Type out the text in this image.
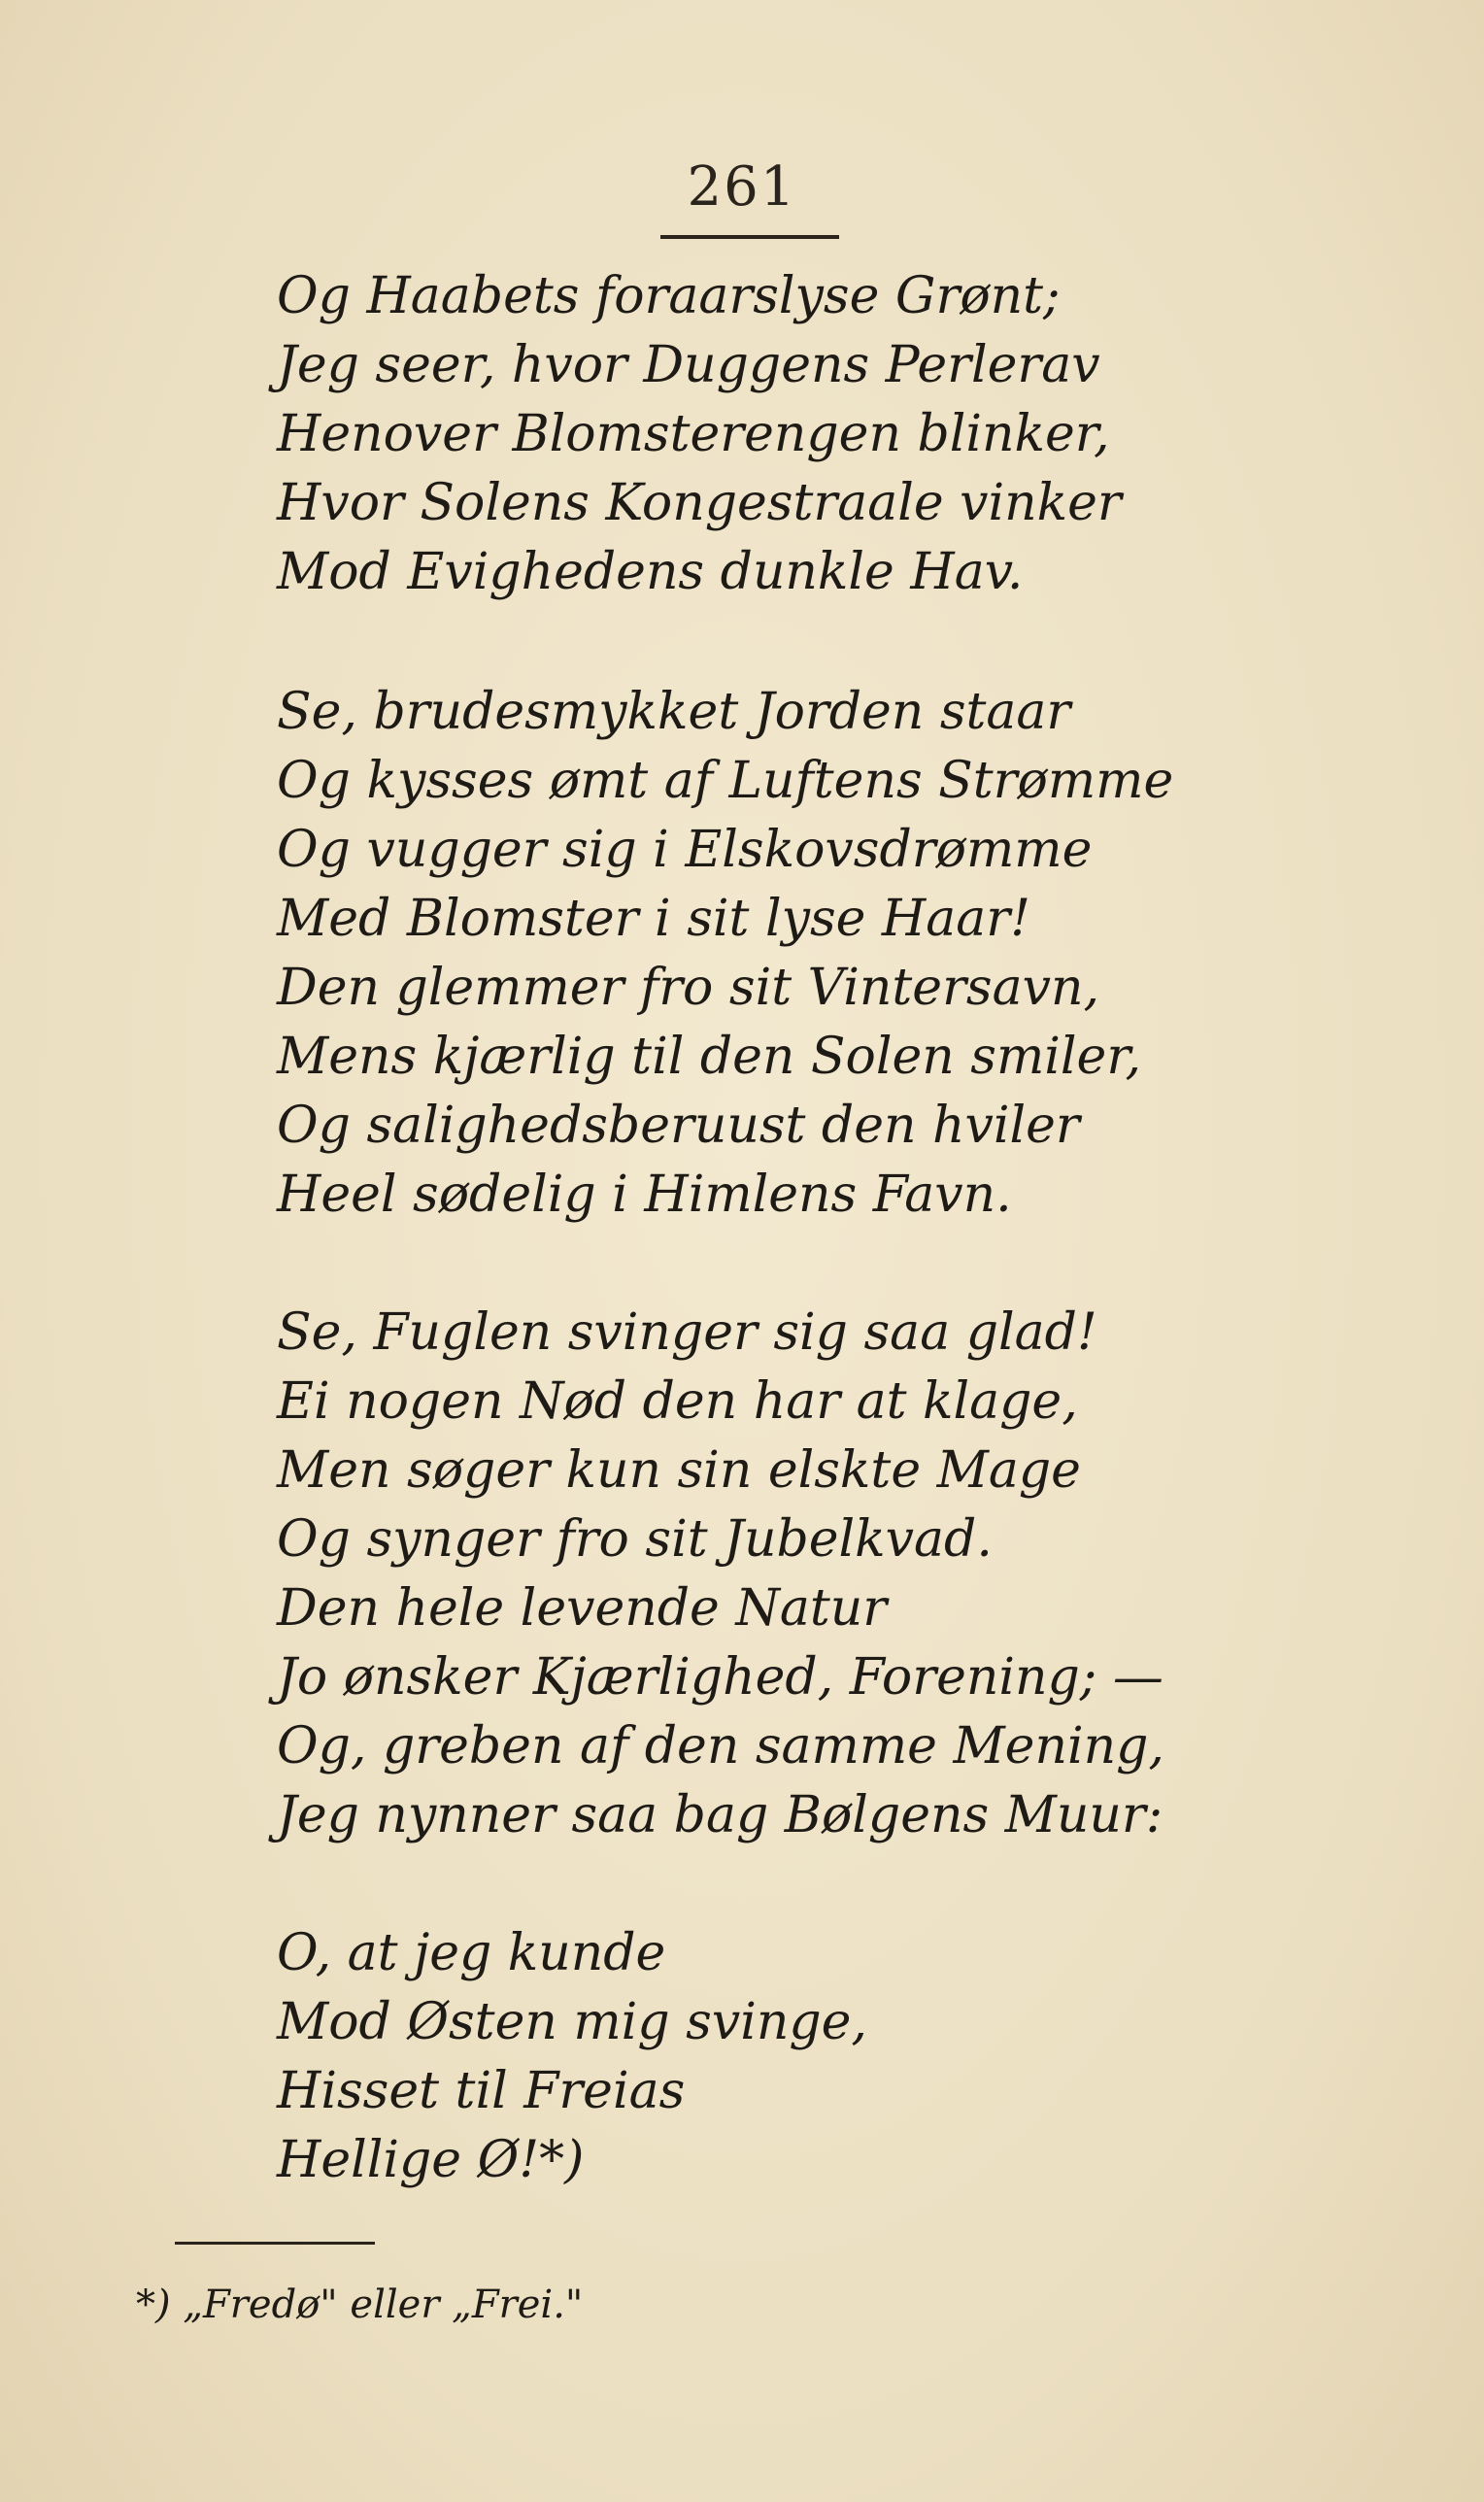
261
Og Haabets foraarslyse Grønt;
Jeg seer, hvor Duggens Perlerav
Henover Blomsterengen blinker,
Hvor Solens Kongestraale vinker
Mod Evighedens dunkle Hav.
Se, brudesmykket Jorden staar
Og kysses ømt af Luftens Strømme
Og vugger sig i Elskovsdrømme
Med Blomster i sit lyse Haar!
Den glemmer fro sit Vintersavn,
Mens kjærlig til den Solen smiler,
Og salighedsberuust den hviler
Heel sødelig i Himlens Favn.
Se, Fuglen svinger sig saa glad!
Ei nogen Nød den har at klage,
Men søger kun sin elskte Mage
Og synger fro sit Jubelkvad.
Den hele levende Natur
Jo ønsker Kjærlighed, Forening; —
Og, greben af den samme Mening,
Jeg nynner saa bag Bølgens Muur:
O, at jeg kunde
Mod Østen mig svinge,
Hisset til Freias
Hellige Ø!*)
*) „Fredø" eller „Frei."
